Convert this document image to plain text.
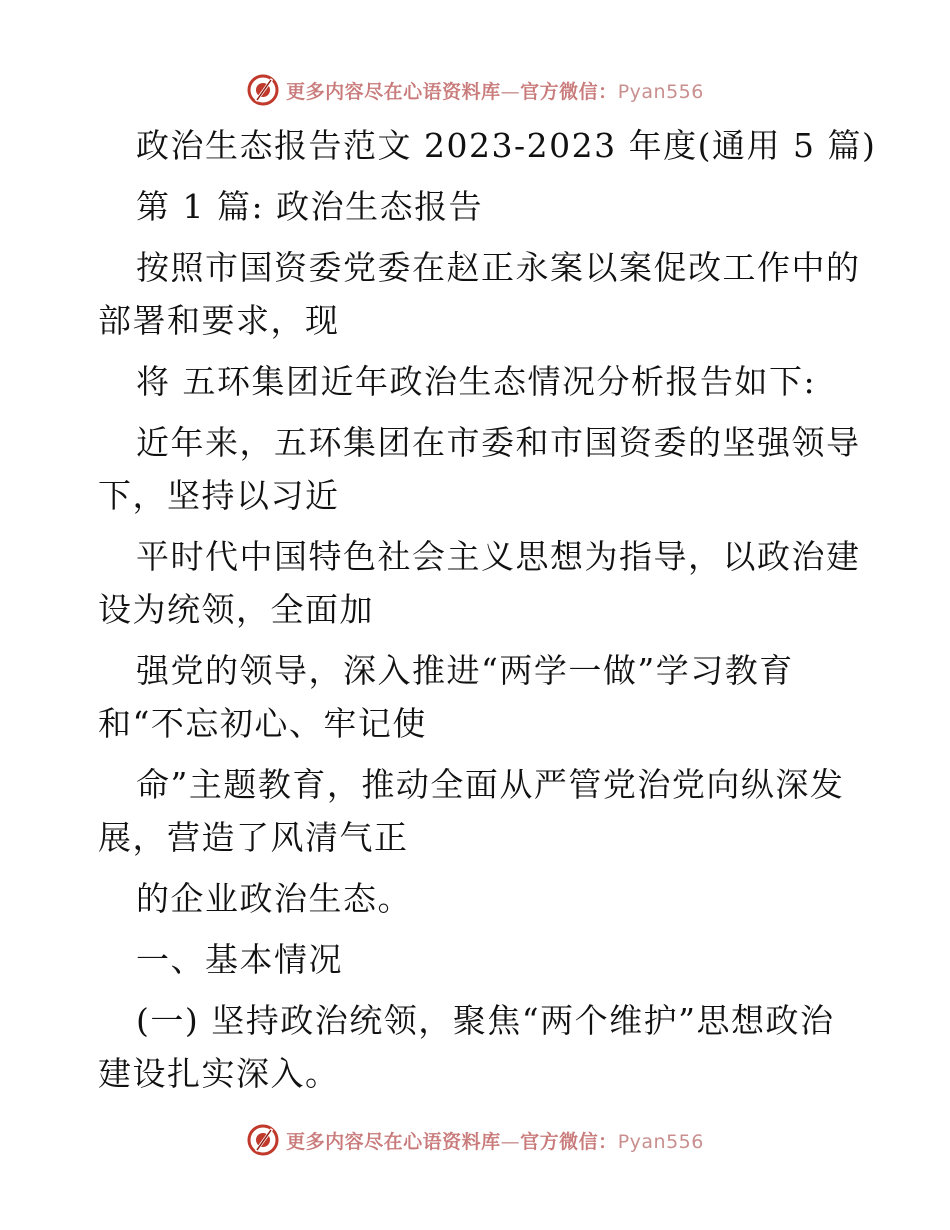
更多内容尽在心语资料库—官方微信：Pyan556
政治生态报告范文 2023-2023 年度(通用 5 篇)
第 1 篇: 政治生态报告
按照市国资委党委在赵正永案以案促改工作中的
部署和要求，现
将 五环集团近年政治生态情况分析报告如下:
近年来，五环集团在市委和市国资委的坚强领导
下，坚持以习近
平时代中国特色社会主义思想为指导，以政治建
设为统领，全面加
强党的领导，深入推进“两学一做”学习教育
和“不忘初心、牢记使
命”主题教育，推动全面从严管党治党向纵深发
展，营造了风清气正
的企业政治生态。
一、基本情况
(一) 坚持政治统领，聚焦“两个维护”思想政治
建设扎实深入。
更多内容尽在心语资料库—官方微信：Pyan556
